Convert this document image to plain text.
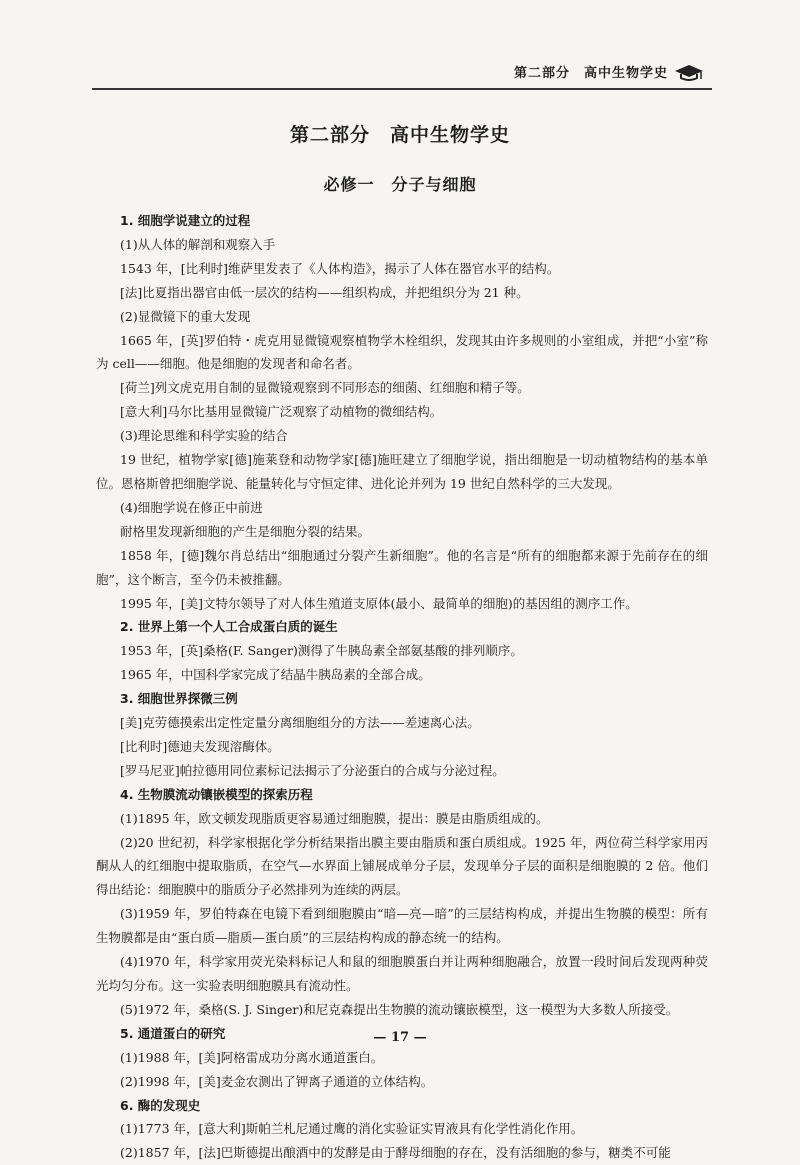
第二部分　高中生物学史
第二部分　高中生物学史
必修一　分子与细胞

1. 细胞学说建立的过程

(1)从人体的解剖和观察入手

1543 年，[比利时]维萨里发表了《人体构造》，揭示了人体在器官水平的结构。

[法]比夏指出器官由低一层次的结构——组织构成，并把组织分为 21 种。

(2)显微镜下的重大发现

1665 年，[英]罗伯特・虎克用显微镜观察植物学木栓组织，发现其由许多规则的小室组成，并把“小室”称为 cell——细胞。他是细胞的发现者和命名者。

[荷兰]列文虎克用自制的显微镜观察到不同形态的细菌、红细胞和精子等。

[意大利]马尔比基用显微镜广泛观察了动植物的微细结构。

(3)理论思维和科学实验的结合

19 世纪，植物学家[德]施莱登和动物学家[德]施旺建立了细胞学说，指出细胞是一切动植物结构的基本单位。恩格斯曾把细胞学说、能量转化与守恒定律、进化论并列为 19 世纪自然科学的三大发现。

(4)细胞学说在修正中前进

耐格里发现新细胞的产生是细胞分裂的结果。

1858 年，[德]魏尔肖总结出“细胞通过分裂产生新细胞”。他的名言是“所有的细胞都来源于先前存在的细胞”，这个断言，至今仍未被推翻。

1995 年，[美]文特尔领导了对人体生殖道支原体(最小、最简单的细胞)的基因组的测序工作。

2. 世界上第一个人工合成蛋白质的诞生

1953 年，[英]桑格(F. Sanger)测得了牛胰岛素全部氨基酸的排列顺序。

1965 年，中国科学家完成了结晶牛胰岛素的全部合成。

3. 细胞世界探微三例

[美]克劳德摸索出定性定量分离细胞组分的方法——差速离心法。

[比利时]德迪夫发现溶酶体。

[罗马尼亚]帕拉德用同位素标记法揭示了分泌蛋白的合成与分泌过程。

4. 生物膜流动镶嵌模型的探索历程

(1)1895 年，欧文顿发现脂质更容易通过细胞膜，提出：膜是由脂质组成的。

(2)20 世纪初，科学家根据化学分析结果指出膜主要由脂质和蛋白质组成。1925 年，两位荷兰科学家用丙酮从人的红细胞中提取脂质，在空气—水界面上铺展成单分子层，发现单分子层的面积是细胞膜的 2 倍。他们得出结论：细胞膜中的脂质分子必然排列为连续的两层。

(3)1959 年，罗伯特森在电镜下看到细胞膜由“暗—亮—暗”的三层结构构成，并提出生物膜的模型：所有生物膜都是由“蛋白质—脂质—蛋白质”的三层结构构成的静态统一的结构。

(4)1970 年，科学家用荧光染料标记人和鼠的细胞膜蛋白并让两种细胞融合，放置一段时间后发现两种荧光均匀分布。这一实验表明细胞膜具有流动性。

(5)1972 年，桑格(S. J. Singer)和尼克森提出生物膜的流动镶嵌模型，这一模型为大多数人所接受。

5. 通道蛋白的研究

(1)1988 年，[美]阿格雷成功分离水通道蛋白。

(2)1998 年，[美]麦金农测出了钾离子通道的立体结构。

6. 酶的发现史

(1)1773 年，[意大利]斯帕兰札尼通过鹰的消化实验证实胃液具有化学性消化作用。

(2)1857 年，[法]巴斯德提出酿酒中的发酵是由于酵母细胞的存在，没有活细胞的参与，糖类不可能

— 17 —
